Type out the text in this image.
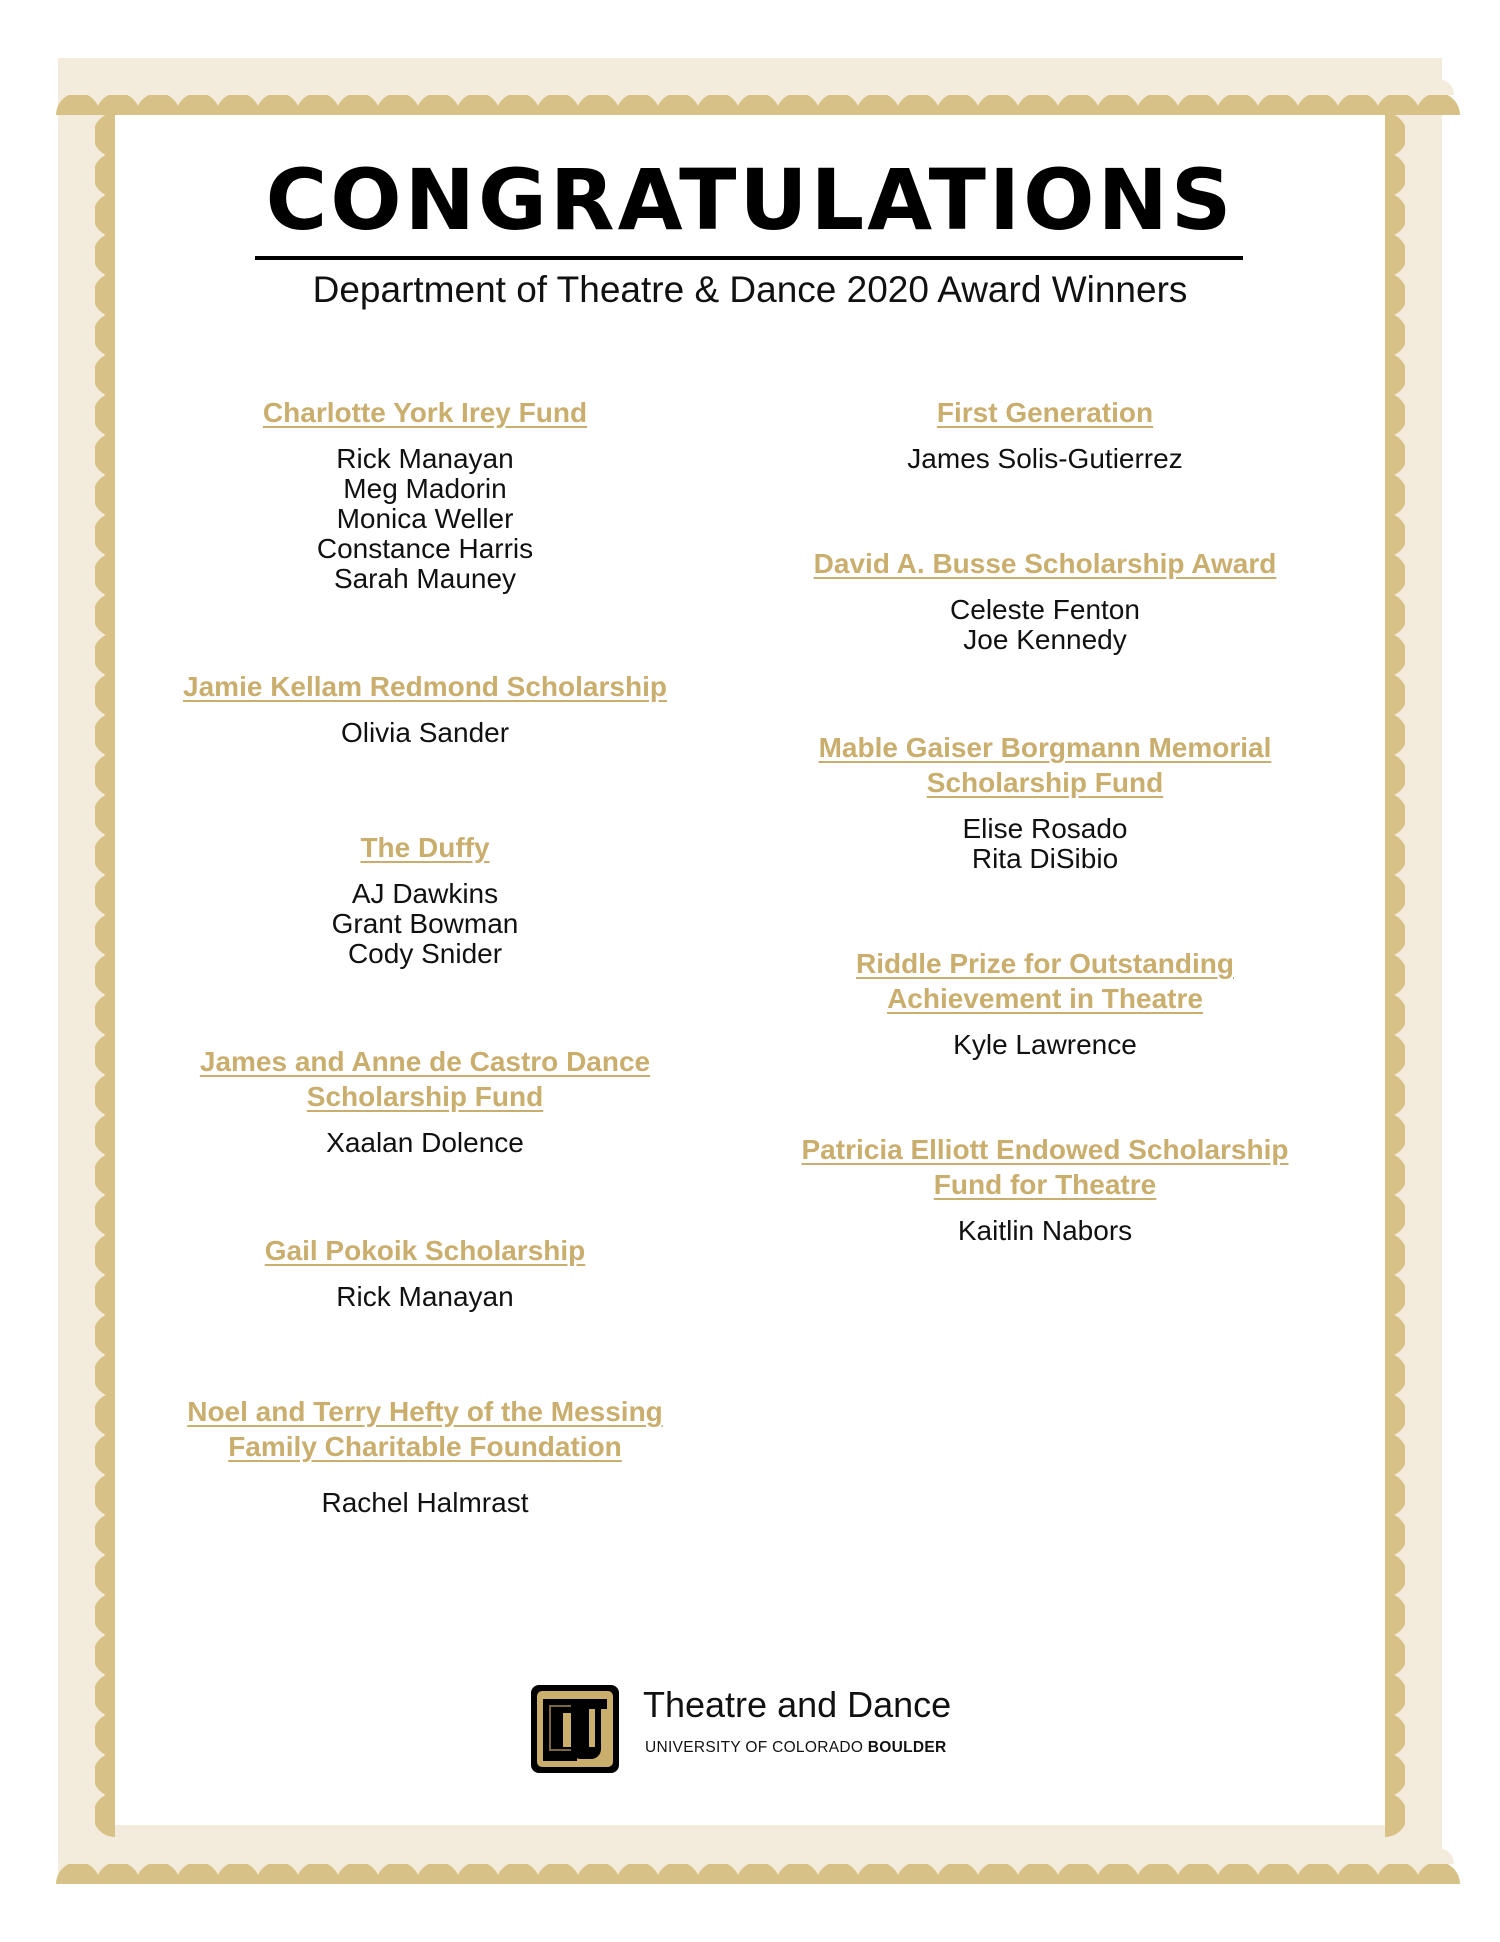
CONGRATULATIONS
Department of Theatre & Dance 2020 Award Winners
Charlotte York Irey Fund
Rick Manayan
Meg Madorin
Monica Weller
Constance Harris
Sarah Mauney
Jamie Kellam Redmond Scholarship
Olivia Sander
The Duffy
AJ Dawkins
Grant Bowman
Cody Snider
James and Anne de Castro Dance Scholarship Fund
Xaalan Dolence
Gail Pokoik Scholarship
Rick Manayan
Noel and Terry Hefty of the Messing Family Charitable Foundation
Rachel Halmrast
First Generation
James Solis-Gutierrez
David A. Busse Scholarship Award
Celeste Fenton
Joe Kennedy
Mable Gaiser Borgmann Memorial Scholarship Fund
Elise Rosado
Rita DiSibio
Riddle Prize for Outstanding Achievement in Theatre
Kyle Lawrence
Patricia Elliott Endowed Scholarship Fund for Theatre
Kaitlin Nabors
Theatre and Dance
UNIVERSITY OF COLORADO BOULDER
